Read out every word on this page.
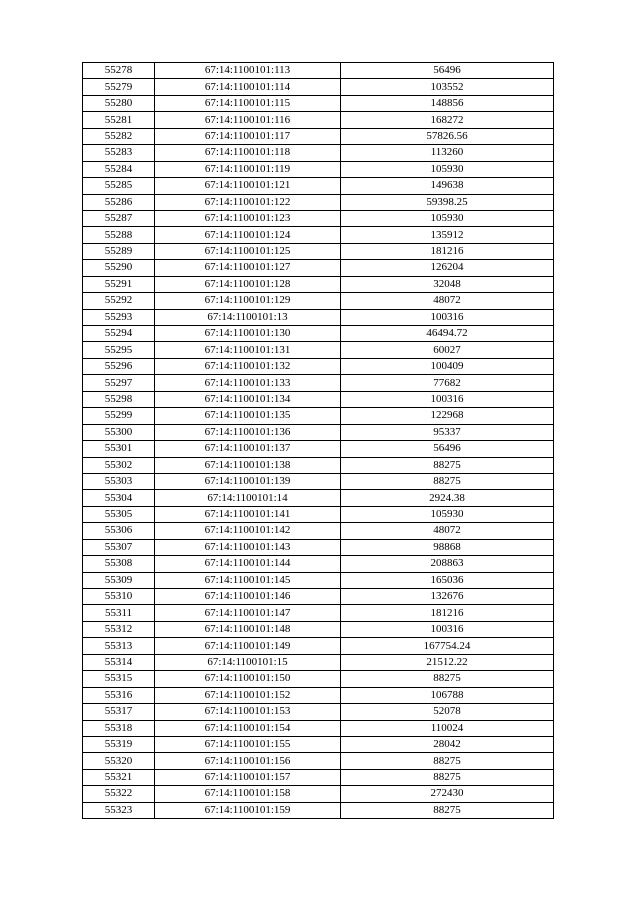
55278	67:14:1100101:113	56496
55279	67:14:1100101:114	103552
55280	67:14:1100101:115	148856
55281	67:14:1100101:116	168272
55282	67:14:1100101:117	57826.56
55283	67:14:1100101:118	113260
55284	67:14:1100101:119	105930
55285	67:14:1100101:121	149638
55286	67:14:1100101:122	59398.25
55287	67:14:1100101:123	105930
55288	67:14:1100101:124	135912
55289	67:14:1100101:125	181216
55290	67:14:1100101:127	126204
55291	67:14:1100101:128	32048
55292	67:14:1100101:129	48072
55293	67:14:1100101:13	100316
55294	67:14:1100101:130	46494.72
55295	67:14:1100101:131	60027
55296	67:14:1100101:132	100409
55297	67:14:1100101:133	77682
55298	67:14:1100101:134	100316
55299	67:14:1100101:135	122968
55300	67:14:1100101:136	95337
55301	67:14:1100101:137	56496
55302	67:14:1100101:138	88275
55303	67:14:1100101:139	88275
55304	67:14:1100101:14	2924.38
55305	67:14:1100101:141	105930
55306	67:14:1100101:142	48072
55307	67:14:1100101:143	98868
55308	67:14:1100101:144	208863
55309	67:14:1100101:145	165036
55310	67:14:1100101:146	132676
55311	67:14:1100101:147	181216
55312	67:14:1100101:148	100316
55313	67:14:1100101:149	167754.24
55314	67:14:1100101:15	21512.22
55315	67:14:1100101:150	88275
55316	67:14:1100101:152	106788
55317	67:14:1100101:153	52078
55318	67:14:1100101:154	110024
55319	67:14:1100101:155	28042
55320	67:14:1100101:156	88275
55321	67:14:1100101:157	88275
55322	67:14:1100101:158	272430
55323	67:14:1100101:159	88275
